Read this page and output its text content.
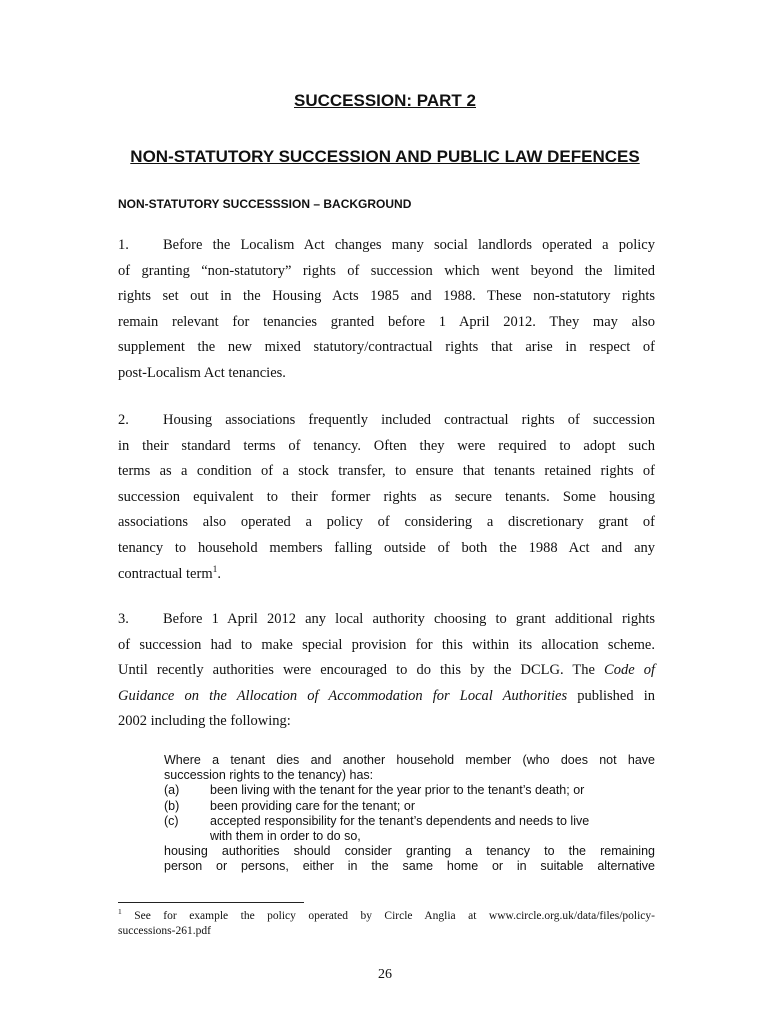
SUCCESSION: PART 2
NON-STATUTORY SUCCESSION AND PUBLIC LAW DEFENCES
NON-STATUTORY SUCCESSSION – BACKGROUND
1. Before the Localism Act changes many social landlords operated a policy
of granting “non-statutory” rights of succession which went beyond the limited
rights set out in the Housing Acts 1985 and 1988. These non-statutory rights
remain relevant for tenancies granted before 1 April 2012. They may also
supplement the new mixed statutory/contractual rights that arise in respect of
post-Localism Act tenancies.
2. Housing associations frequently included contractual rights of succession
in their standard terms of tenancy. Often they were required to adopt such
terms as a condition of a stock transfer, to ensure that tenants retained rights of
succession equivalent to their former rights as secure tenants. Some housing
associations also operated a policy of considering a discretionary grant of
tenancy to household members falling outside of both the 1988 Act and any
contractual term$^1$.
3. Before 1 April 2012 any local authority choosing to grant additional rights
of succession had to make special provision for this within its allocation scheme.
Until recently authorities were encouraged to do this by the DCLG. The Code of
Guidance on the Allocation of Accommodation for Local Authorities published in
2002 including the following:
Where a tenant dies and another household member (who does not have
succession rights to the tenancy) has:
(a) been living with the tenant for the year prior to the tenant’s death; or
(b) been providing care for the tenant; or
(c)	accepted responsibility for the tenant’s dependents and needs to live
with them in order to do so,
housing authorities should consider granting a tenancy to the remaining
person or persons, either in the same home or in suitable alternative
$^1$ See for example the policy operated by Circle Anglia at www.circle.org.uk/data/files/policy-
successions-261.pdf
26
